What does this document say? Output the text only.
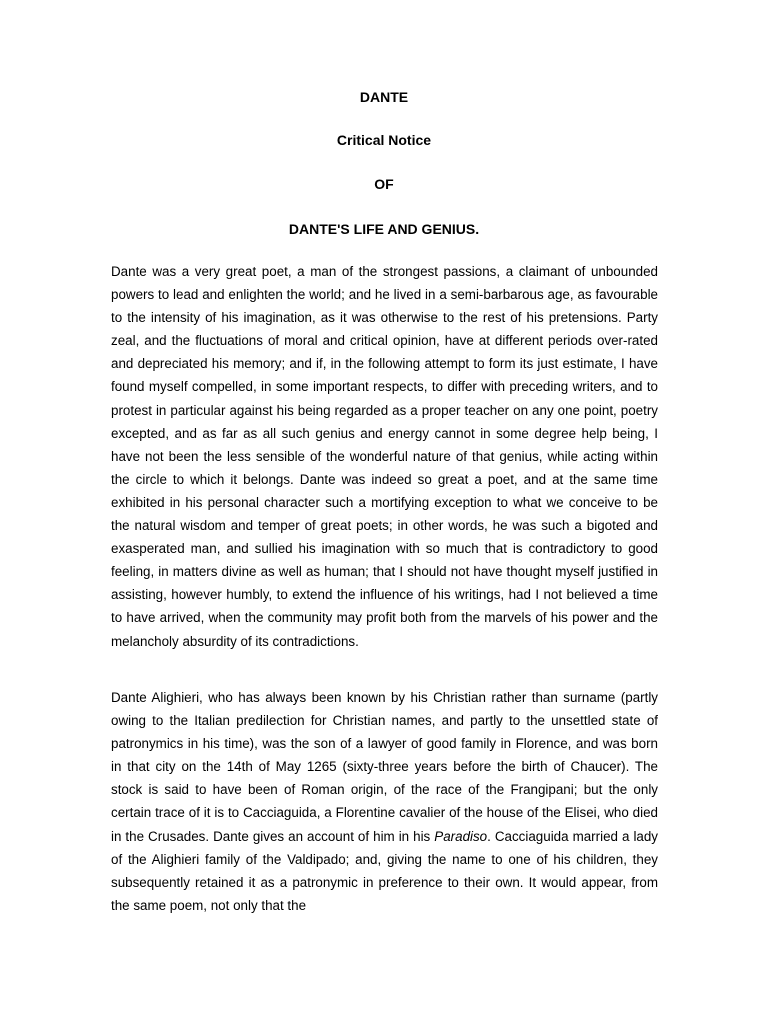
DANTE
Critical Notice
OF
DANTE'S LIFE AND GENIUS.

Dante was a very great poet, a man of the strongest passions, a claimant of unbounded powers to lead and enlighten the world; and he lived in a semi-barbarous age, as favourable to the intensity of his imagination, as it was otherwise to the rest of his pretensions. Party zeal, and the fluctuations of moral and critical opinion, have at different periods over-rated and depreciated his memory; and if, in the following attempt to form its just estimate, I have found myself compelled, in some important respects, to differ with preceding writers, and to protest in particular against his being regarded as a proper teacher on any one point, poetry excepted, and as far as all such genius and energy cannot in some degree help being, I have not been the less sensible of the wonderful nature of that genius, while acting within the circle to which it belongs. Dante was indeed so great a poet, and at the same time exhibited in his personal character such a mortifying exception to what we conceive to be the natural wisdom and temper of great poets; in other words, he was such a bigoted and exasperated man, and sullied his imagination with so much that is contradictory to good feeling, in matters divine as well as human; that I should not have thought myself justified in assisting, however humbly, to extend the influence of his writings, had I not believed a time to have arrived, when the community may profit both from the marvels of his power and the melancholy absurdity of its contradictions.

Dante Alighieri, who has always been known by his Christian rather than surname (partly owing to the Italian predilection for Christian names, and partly to the unsettled state of patronymics in his time), was the son of a lawyer of good family in Florence, and was born in that city on the 14th of May 1265 (sixty-three years before the birth of Chaucer). The stock is said to have been of Roman origin, of the race of the Frangipani; but the only certain trace of it is to Cacciaguida, a Florentine cavalier of the house of the Elisei, who died in the Crusades. Dante gives an account of him in his Paradiso. Cacciaguida married a lady of the Alighieri family of the Valdipado; and, giving the name to one of his children, they subsequently retained it as a patronymic in preference to their own. It would appear, from the same poem, not only that the
